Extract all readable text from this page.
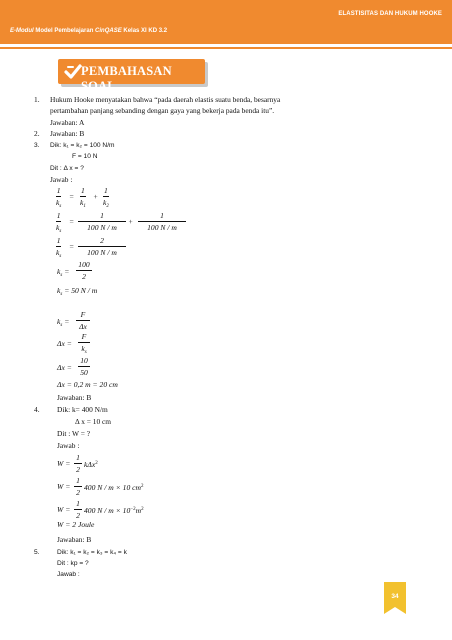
ELASTISITAS DAN HUKUM HOOKE
E-Modul Model Pembelajaran CinQASE Kelas XI KD 3.2
PEMBAHASAN SOAL
1. Hukum Hooke menyatakan bahwa “pada daerah elastis suatu benda, besarnya
pertambahan panjang sebanding dengan gaya yang bekerja pada benda itu”.
Jawaban: A
2. Jawaban: B
3. Dik: k₁ = k₂ = 100 N/m
F = 10 N
Dit : Δ x = ?
Jawab :
1
$k_s$
=
1
$k_1$
+
1
$k_2$
1
$k_s$
=
1
100 N / m
+
1
100 N / m
1
$k_s$
=
2
100 N / m
$k_s$ =
100
2
$k_s = 50$ N / m
$k_s$ =
F
Δx
Δx =
F
$k_s$
Δx =
10
50
Δx = 0,2 m = 20 cm
Jawaban: B
4. Dik: k= 400 N/m
Δ x = 10 cm
Dit : W = ?
Jawab :
W =
1
2
kΔx$^2$
W =
1
2
400 N / m × 10 $cm^2$
W =
1
2
400 $N / m \times 10^{-2}m^2$
W = 2 Joule
Jawaban: B
5.	Dik: k₁ = k₂ = k₃ = k₄ = k
Dit : kp = ?
Jawab :
34
